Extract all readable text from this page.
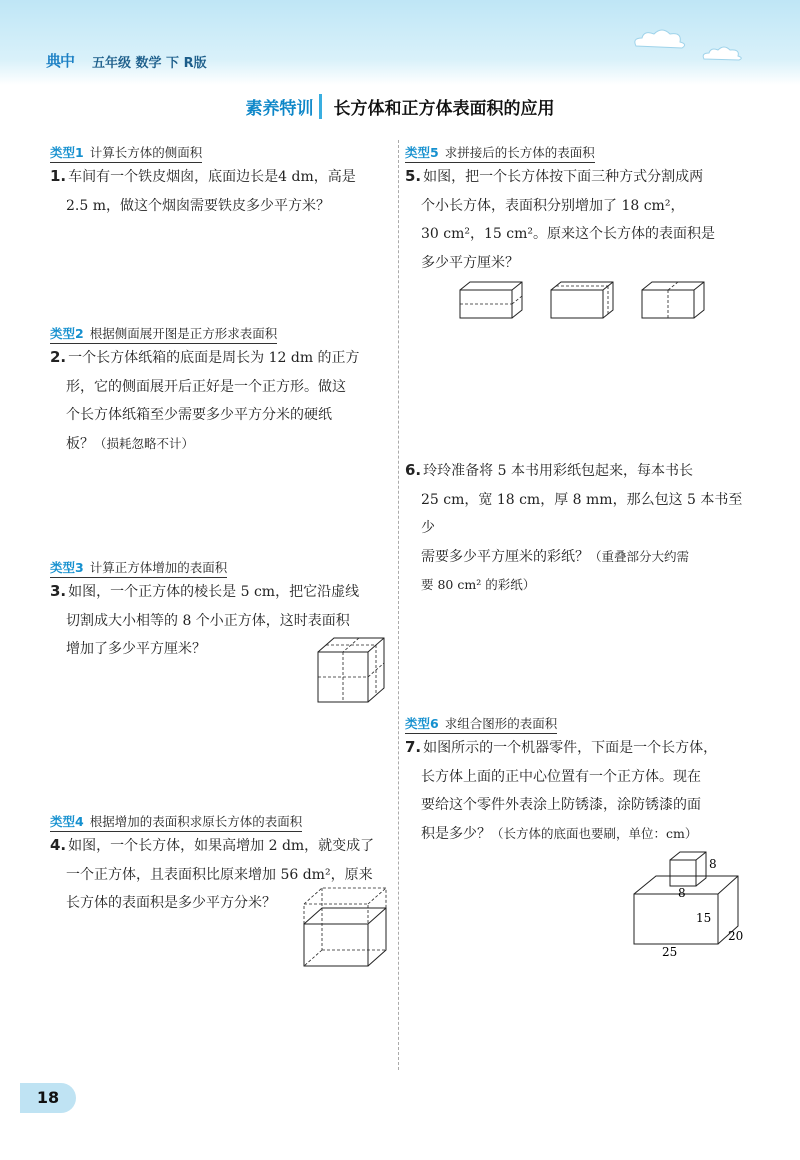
典中 五年级 数学 下 R版
素养特训 长方体和正方体表面积的应用
类型1 计算长方体的侧面积
1. 车间有一个铁皮烟囱，底面边长是4 dm，高是
2.5 m，做这个烟囱需要铁皮多少平方米？
类型2 根据侧面展开图是正方形求表面积
2. 一个长方体纸箱的底面是周长为 12 dm 的正方
形，它的侧面展开后正好是一个正方形。做这
个长方体纸箱至少需要多少平方分米的硬纸
板？（损耗忽略不计）
类型3 计算正方体增加的表面积
3. 如图，一个正方体的棱长是 5 cm，把它沿虚线
切割成大小相等的 8 个小正方体，这时表面积
增加了多少平方厘米？
类型4 根据增加的表面积求原长方体的表面积
4. 如图，一个长方体，如果高增加 2 dm，就变成了
一个正方体，且表面积比原来增加 56 dm²，原来
长方体的表面积是多少平方分米？
类型5 求拼接后的长方体的表面积
5. 如图，把一个长方体按下面三种方式分割成两
个小长方体，表面积分别增加了 18 cm²，
30 cm²，15 cm²。原来这个长方体的表面积是
多少平方厘米？
6. 玲玲准备将 5 本书用彩纸包起来，每本书长
25 cm，宽 18 cm，厚 8 mm，那么包这 5 本书至少
需要多少平方厘米的彩纸？（重叠部分大约需
要 80 cm² 的彩纸）
类型6 求组合图形的表面积
7. 如图所示的一个机器零件，下面是一个长方体，
长方体上面的正中心位置有一个正方体。现在
要给这个零件外表涂上防锈漆，涂防锈漆的面
积是多少？（长方体的底面也要刷，单位：cm）
8
8
15
25
20
18
